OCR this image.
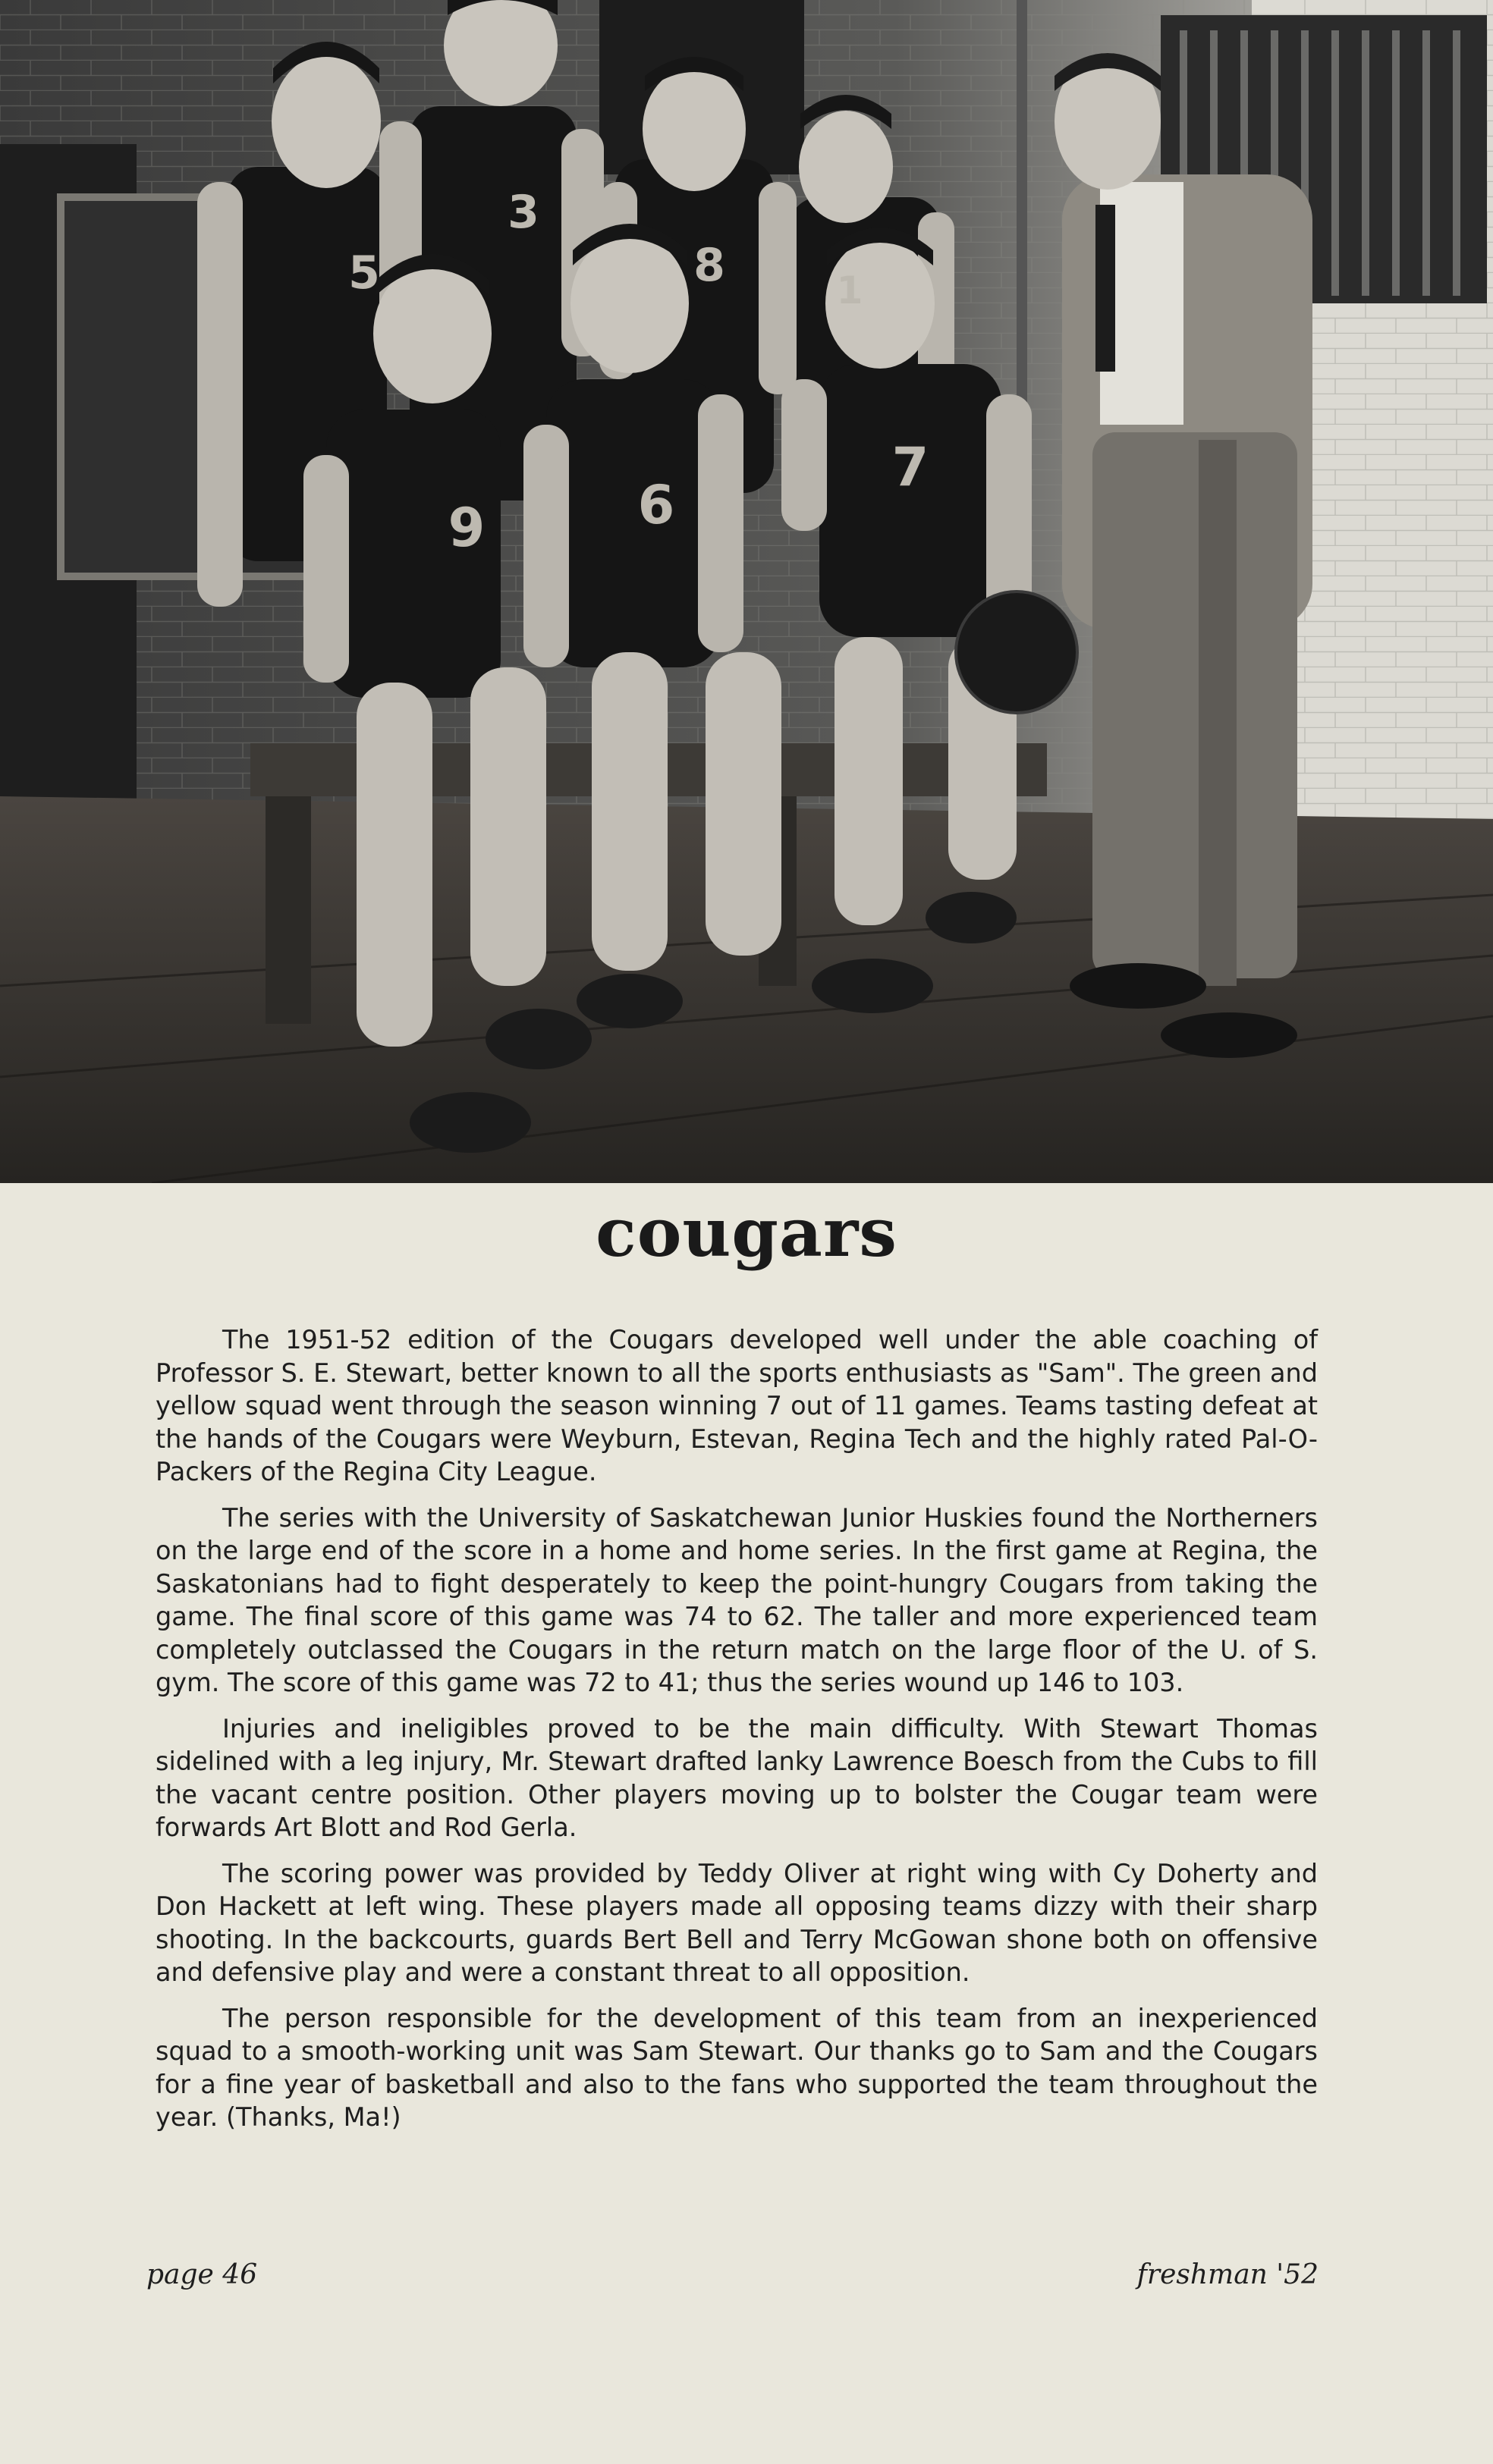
5
3
8	1
9	6
7
cougars

The 1951-52 edition of the Cougars developed well under the able coaching of Professor S. E. Stewart, better known to all the sports enthusiasts as "Sam". The green and yellow squad went through the season winning 7 out of 11 games. Teams tasting defeat at the hands of the Cougars were Weyburn, Estevan, Regina Tech and the highly rated Pal-O-Packers of the Regina City League.

The series with the University of Saskatchewan Junior Huskies found the Northerners on the large end of the score in a home and home series. In the first game at Regina, the Saskatonians had to fight desperately to keep the point-hungry Cougars from taking the game. The final score of this game was 74 to 62. The taller and more experienced team completely outclassed the Cougars in the return match on the large floor of the U. of S. gym. The score of this game was 72 to 41; thus the series wound up 146 to 103.

Injuries and ineligibles proved to be the main difficulty. With Stewart Thomas sidelined with a leg injury, Mr. Stewart drafted lanky Lawrence Boesch from the Cubs to fill the vacant centre position. Other players moving up to bolster the Cougar team were forwards Art Blott and Rod Gerla.

The scoring power was provided by Teddy Oliver at right wing with Cy Doherty and Don Hackett at left wing. These players made all opposing teams dizzy with their sharp shooting. In the backcourts, guards Bert Bell and Terry McGowan shone both on offensive and defensive play and were a constant threat to all opposition.

The person responsible for the development of this team from an inexperienced squad to a smooth-working unit was Sam Stewart. Our thanks go to Sam and the Cougars for a fine year of basketball and also to the fans who supported the team throughout the year. (Thanks, Ma!)

page 46	freshman '52
